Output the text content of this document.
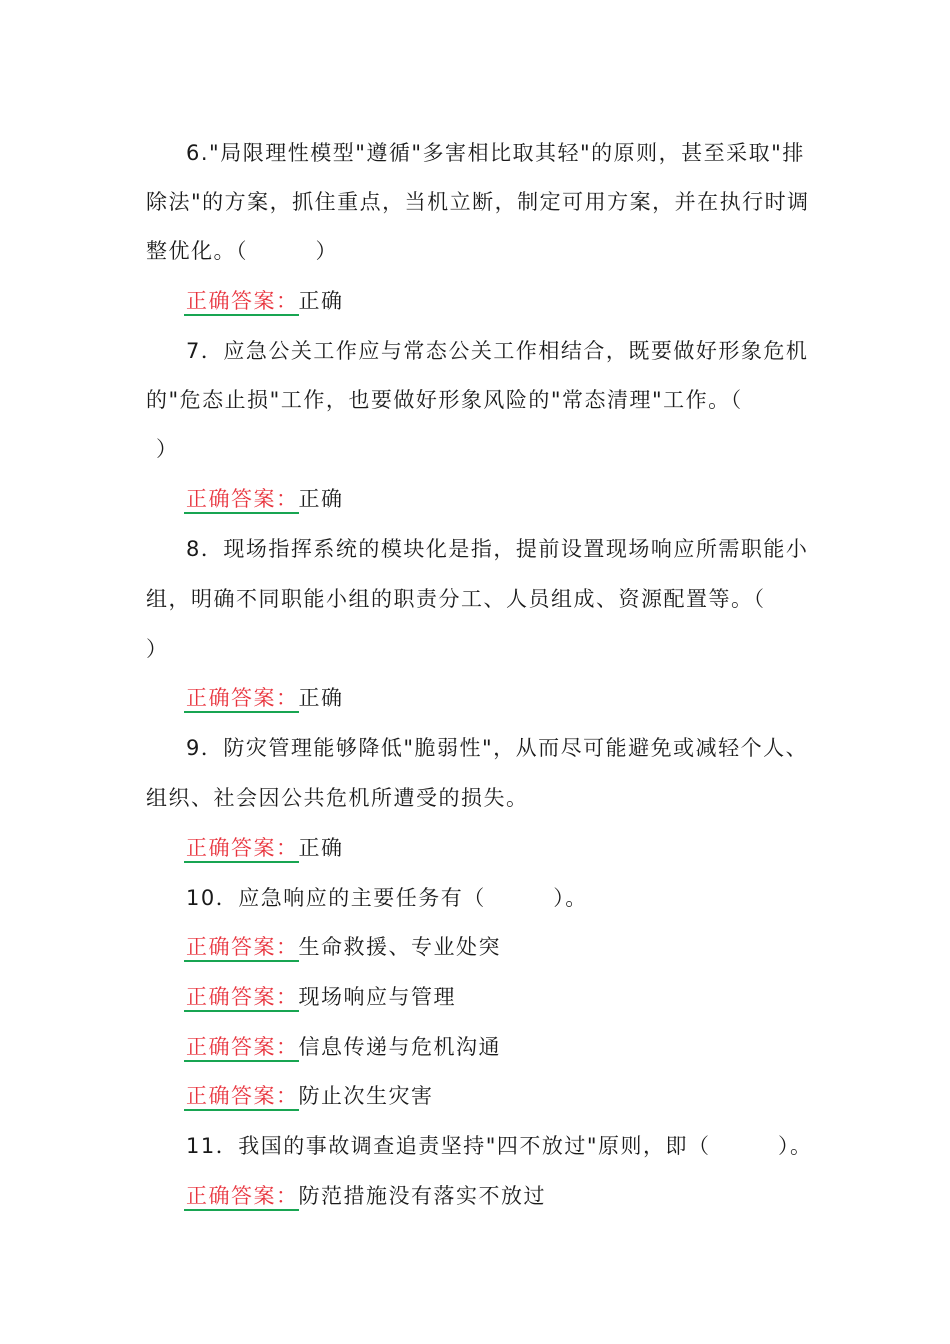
6."局限理性模型"遵循"多害相比取其轻"的原则，甚至采取"排
除法"的方案，抓住重点，当机立断，制定可用方案，并在执行时调
整优化。（　　　）
正确答案：正确
7．应急公关工作应与常态公关工作相结合，既要做好形象危机
的"危态止损"工作，也要做好形象风险的"常态清理"工作。（
）
正确答案：正确
8．现场指挥系统的模块化是指，提前设置现场响应所需职能小
组，明确不同职能小组的职责分工、人员组成、资源配置等。（
）
正确答案：正确
9．防灾管理能够降低"脆弱性"，从而尽可能避免或减轻个人、
组织、社会因公共危机所遭受的损失。
正确答案：正确
10．应急响应的主要任务有（　　　）。
正确答案：生命救援、专业处突
正确答案：现场响应与管理
正确答案：信息传递与危机沟通
正确答案：防止次生灾害
11．我国的事故调查追责坚持"四不放过"原则，即（　　　）。
正确答案：防范措施没有落实不放过
